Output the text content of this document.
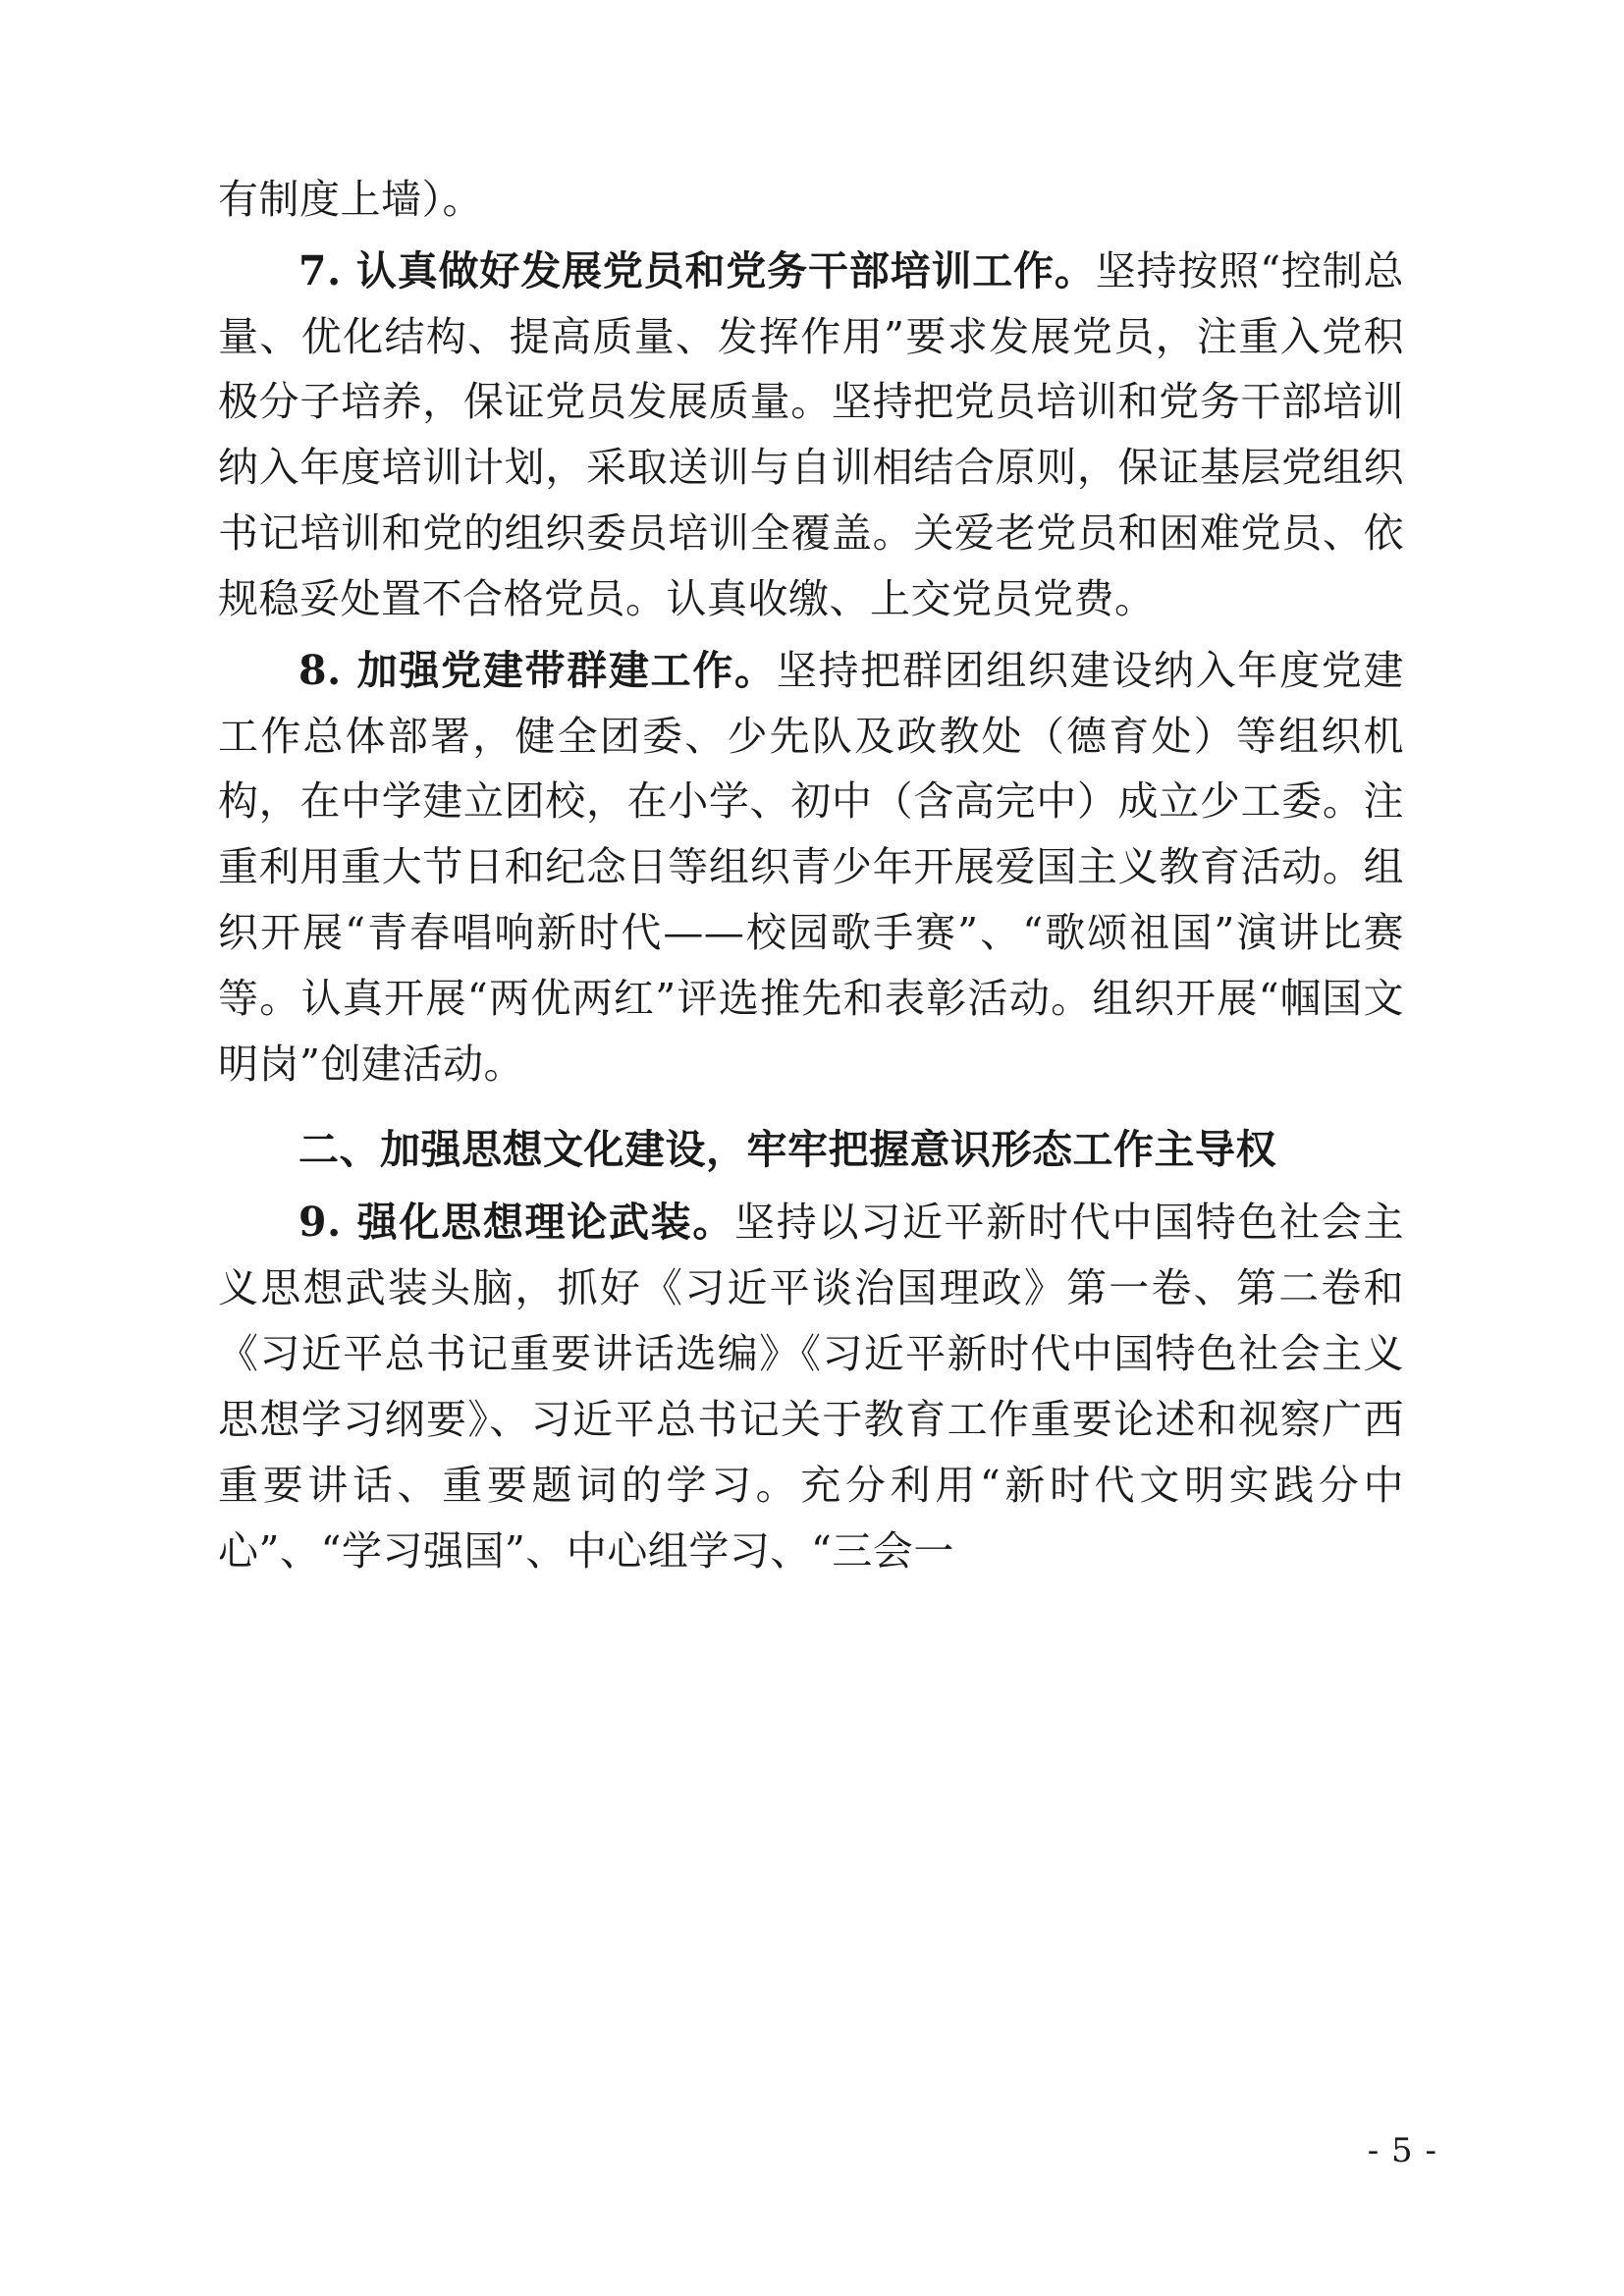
有制度上墙）。

7. 认真做好发展党员和党务干部培训工作。坚持按照“控制总量、优化结构、提高质量、发挥作用”要求发展党员，注重入党积极分子培养，保证党员发展质量。坚持把党员培训和党务干部培训纳入年度培训计划，采取送训与自训相结合原则，保证基层党组织书记培训和党的组织委员培训全覆盖。关爱老党员和困难党员、依规稳妥处置不合格党员。认真收缴、上交党员党费。

8. 加强党建带群建工作。坚持把群团组织建设纳入年度党建工作总体部署，健全团委、少先队及政教处（德育处）等组织机构，在中学建立团校，在小学、初中（含高完中）成立少工委。注重利用重大节日和纪念日等组织青少年开展爱国主义教育活动。组织开展“青春唱响新时代——校园歌手赛”、“歌颂祖国”演讲比赛等。认真开展“两优两红”评选推先和表彰活动。组织开展“帼国文明岗”创建活动。

二、加强思想文化建设，牢牢把握意识形态工作主导权

9. 强化思想理论武装。坚持以习近平新时代中国特色社会主义思想武装头脑，抓好《习近平谈治国理政》第一卷、第二卷和《习近平总书记重要讲话选编》《习近平新时代中国特色社会主义思想学习纲要》、习近平总书记关于教育工作重要论述和视察广西重要讲话、重要题词的学习。充分利用“新时代文明实践分中心”、“学习强国”、中心组学习、“三会一

- 5 -
